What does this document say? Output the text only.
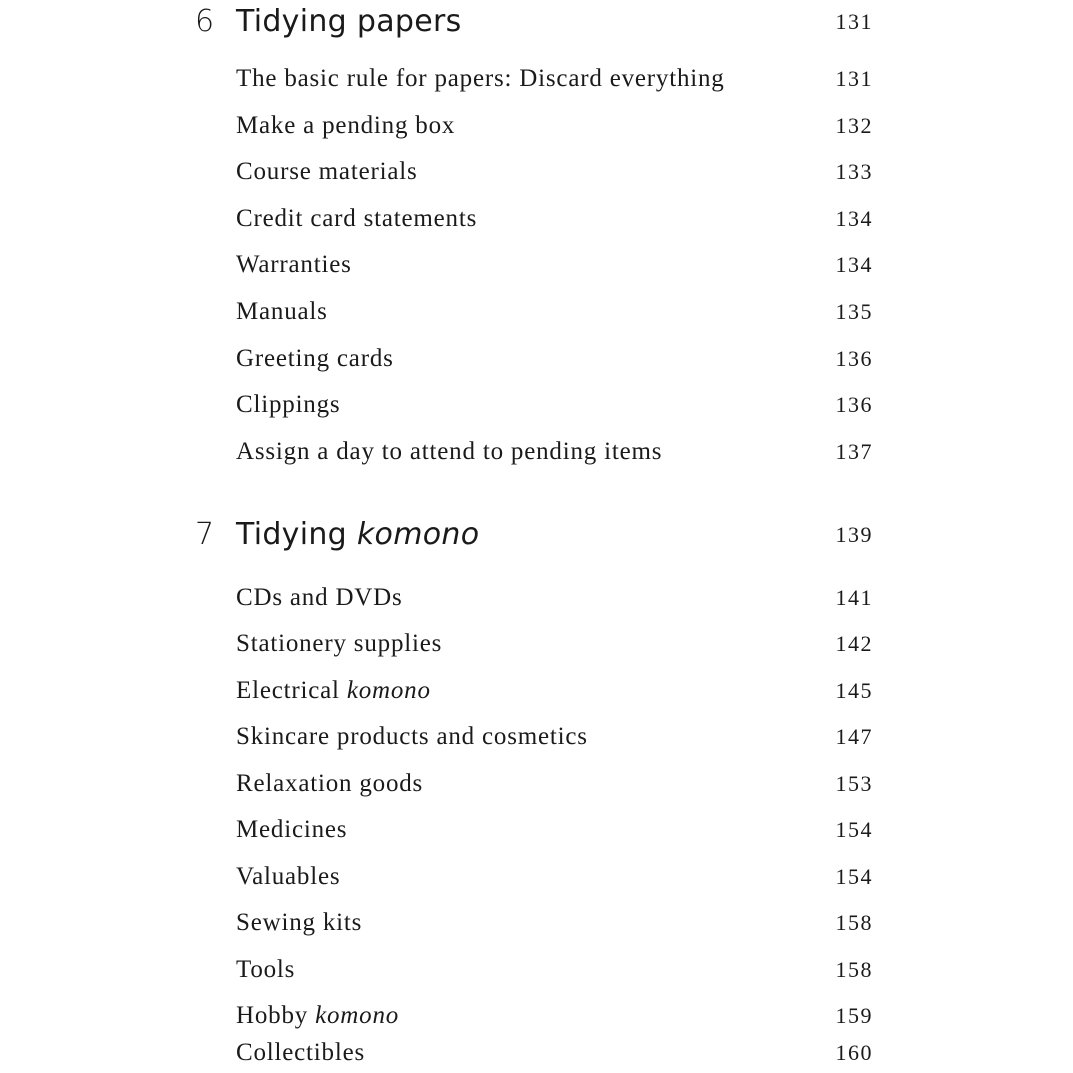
6 Tidying papers	131
The basic rule for papers: Discard everything	131
Make a pending box	132
Course materials	133
Credit card statements	134
Warranties	134
Manuals	135
Greeting cards	136
Clippings	136
Assign a day to attend to pending items	137
7 Tidying komono	139
CDs and DVDs	141
Stationery supplies	142
Electrical komono	145
Skincare products and cosmetics	147
Relaxation goods	153
Medicines	154
Valuables	154
Sewing kits	158
Tools	158
Hobby komono	159
Collectibles	160
